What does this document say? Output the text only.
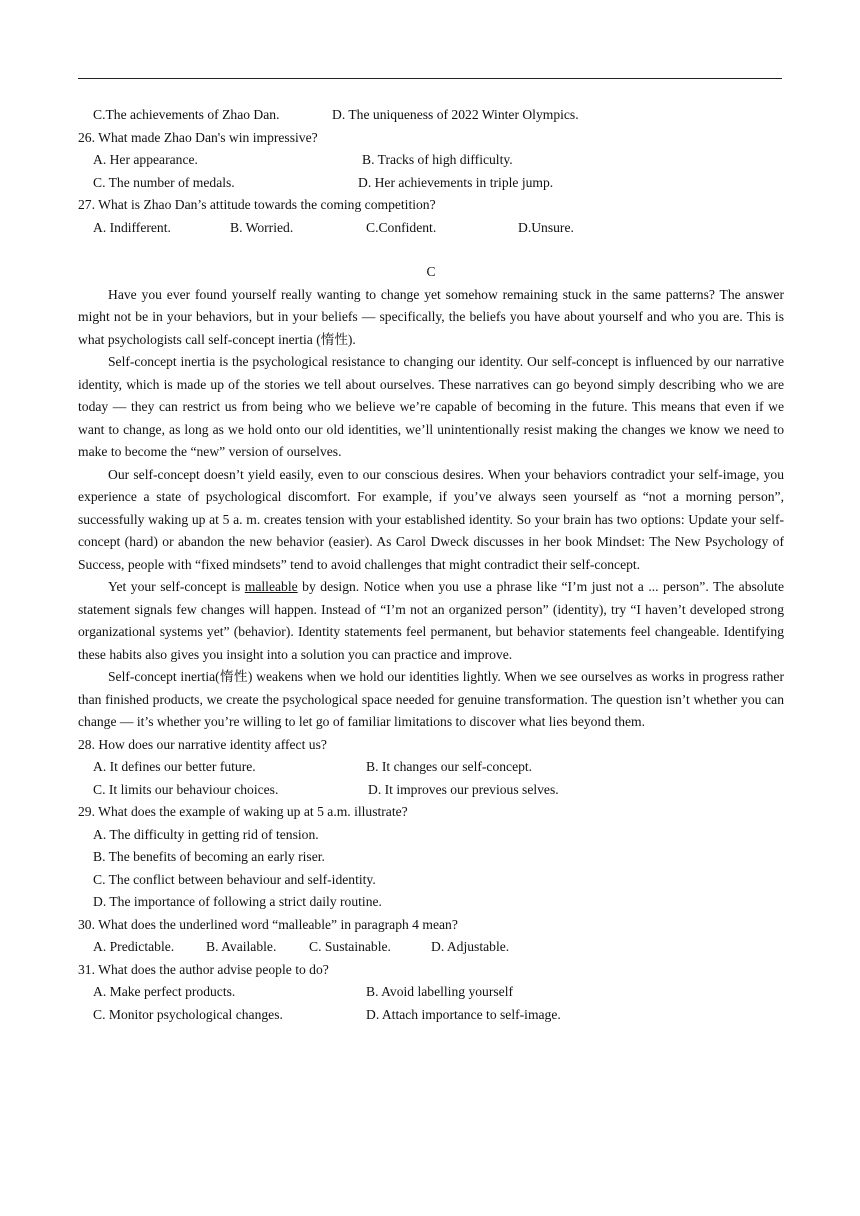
C.The achievements of Zhao Dan.	D. The uniqueness of 2022 Winter Olympics.
26. What made Zhao Dan's win impressive?
A. Her appearance.	B. Tracks of high difficulty.
C. The number of medals.	D. Her achievements in triple jump.
27. What is Zhao Dan’s attitude towards the coming competition?
A. Indifferent.	B. Worried.	C.Confident.	D.Unsure.
C
Have you ever found yourself really wanting to change yet somehow remaining stuck in the same patterns? The answer might not be in your behaviors, but in your beliefs — specifically, the beliefs you have about yourself and who you are. This is what psychologists call self-concept inertia (惰性).
Self-concept inertia is the psychological resistance to changing our identity. Our self-concept is influenced by our narrative identity, which is made up of the stories we tell about ourselves. These narratives can go beyond simply describing who we are today — they can restrict us from being who we believe we’re capable of becoming in the future. This means that even if we want to change, as long as we hold onto our old identities, we’ll unintentionally resist making the changes we know we need to make to become the “new” version of ourselves.
Our self-concept doesn’t yield easily, even to our conscious desires. When your behaviors contradict your self-image, you experience a state of psychological discomfort. For example, if you’ve always seen yourself as “not a morning person”, successfully waking up at 5 a. m. creates tension with your established identity. So your brain has two options: Update your self-concept (hard) or abandon the new behavior (easier). As Carol Dweck discusses in her book Mindset: The New Psychology of Success, people with “fixed mindsets” tend to avoid challenges that might contradict their self-concept.
Yet your self-concept is malleable by design. Notice when you use a phrase like “I’m just not a ... person”. The absolute statement signals few changes will happen. Instead of “I’m not an organized person” (identity), try “I haven’t developed strong organizational systems yet” (behavior). Identity statements feel permanent, but behavior statements feel changeable. Identifying these habits also gives you insight into a solution you can practice and improve.
Self-concept inertia(惰性) weakens when we hold our identities lightly. When we see ourselves as works in progress rather than finished products, we create the psychological space needed for genuine transformation. The question isn’t whether you can change — it’s whether you’re willing to let go of familiar limitations to discover what lies beyond them.
28. How does our narrative identity affect us?
A. It defines our better future.	B. It changes our self-concept.
C. It limits our behaviour choices.	D. It improves our previous selves.
29. What does the example of waking up at 5 a.m. illustrate?
A. The difficulty in getting rid of tension.
B. The benefits of becoming an early riser.
C. The conflict between behaviour and self-identity.
D. The importance of following a strict daily routine.
30. What does the underlined word “malleable” in paragraph 4 mean?
A. Predictable. B. Available. C. Sustainable.	D. Adjustable.
31. What does the author advise people to do?
A. Make perfect products.	B. Avoid labelling yourself
C. Monitor psychological changes.	D. Attach importance to self-image.
